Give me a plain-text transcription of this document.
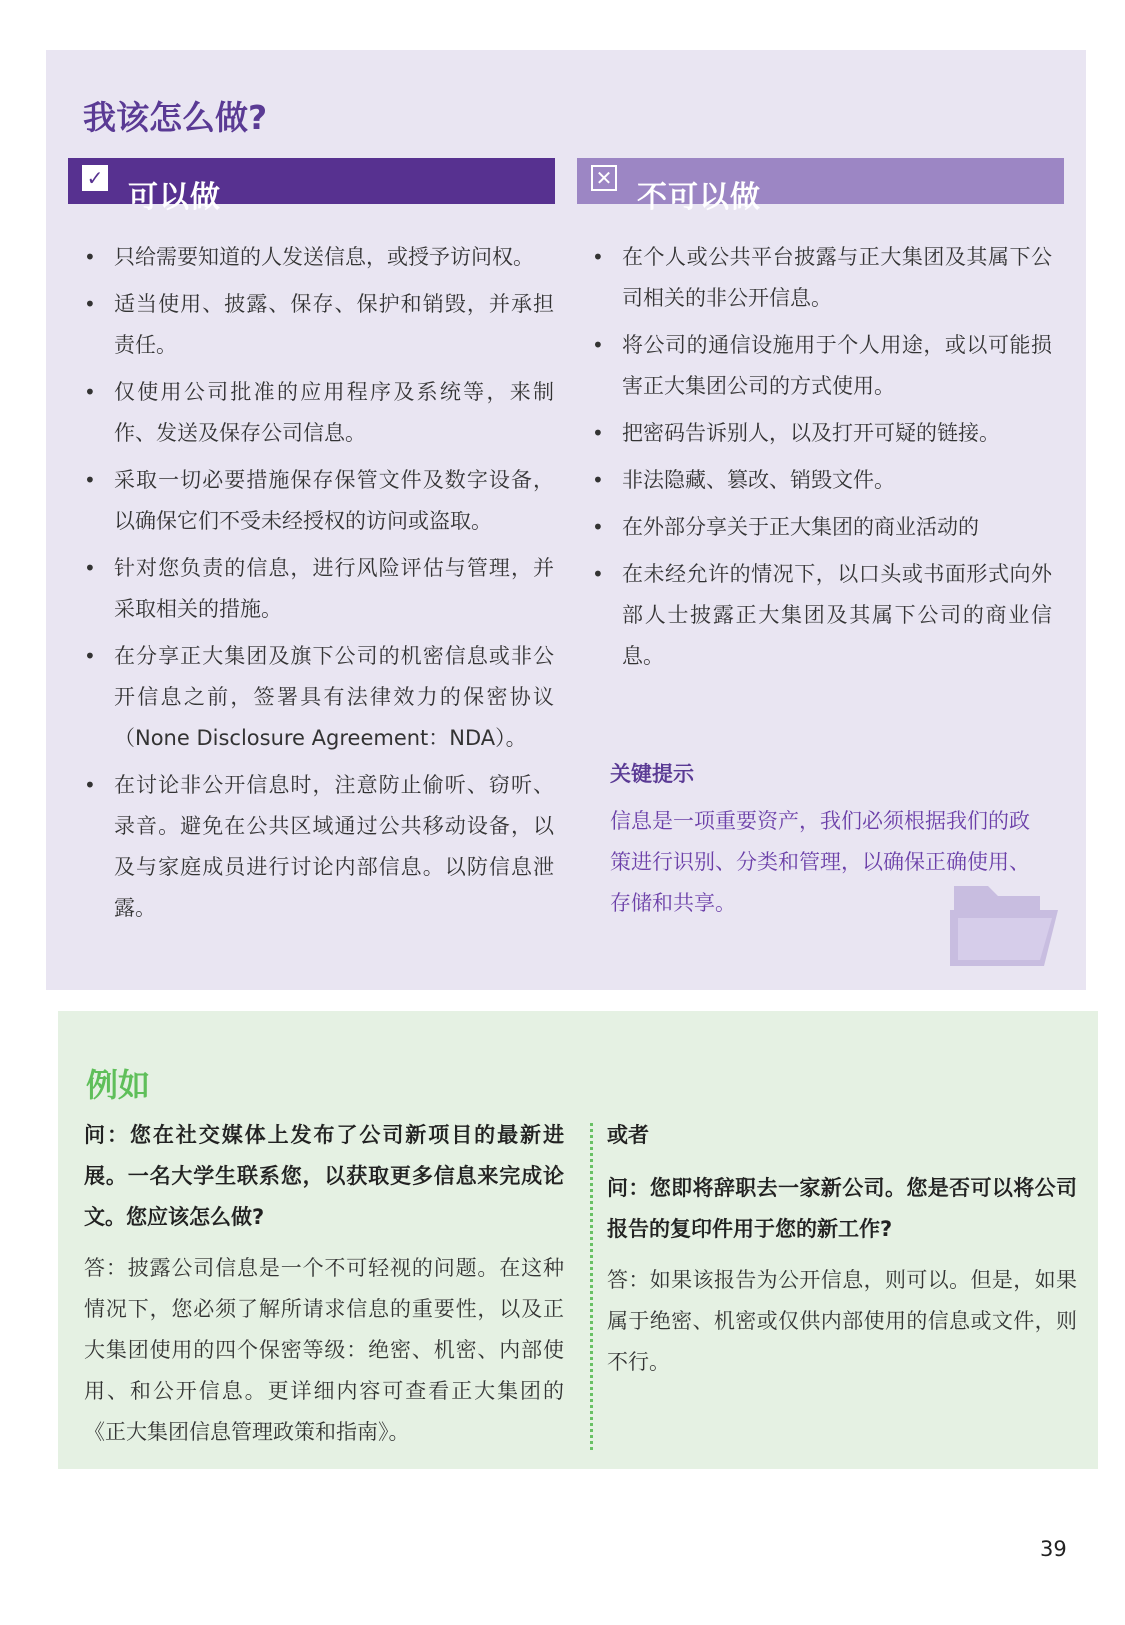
我该怎么做?
✓
可以做
✕
不可以做
• 只给需要知道的人发送信息，或授予访问权。
• 适当使用、披露、保存、保护和销毁，并承担责任。
• 仅使用公司批准的应用程序及系统等，来制作、发送及保存公司信息。
• 采取一切必要措施保存保管文件及数字设备，以确保它们不受未经授权的访问或盗取。
• 针对您负责的信息，进行风险评估与管理，并采取相关的措施。
• 在分享正大集团及旗下公司的机密信息或非公开信息之前，签署具有法律效力的保密协议（None Disclosure Agreement：NDA）。
• 在讨论非公开信息时，注意防止偷听、窃听、录音。避免在公共区域通过公共移动设备，以及与家庭成员进行讨论内部信息。以防信息泄露。
• 在个人或公共平台披露与正大集团及其属下公司相关的非公开信息。
• 将公司的通信设施用于个人用途，或以可能损害正大集团公司的方式使用。
• 把密码告诉别人，以及打开可疑的链接。
• 非法隐藏、篡改、销毁文件。
• 在外部分享关于正大集团的商业活动的
• 在未经允许的情况下，以口头或书面形式向外部人士披露正大集团及其属下公司的商业信息。
关键提示
信息是一项重要资产，我们必须根据我们的政策进行识别、分类和管理，以确保正确使用、存储和共享。
例如
问：您在社交媒体上发布了公司新项目的最新进展。一名大学生联系您，以获取更多信息来完成论文。您应该怎么做?
答：披露公司信息是一个不可轻视的问题。在这种情况下，您必须了解所请求信息的重要性，以及正大集团使用的四个保密等级：绝密、机密、内部使用、和公开信息。更详细内容可查看正大集团的《正大集团信息管理政策和指南》。
或者
问：您即将辞职去一家新公司。您是否可以将公司报告的复印件用于您的新工作?
答：如果该报告为公开信息，则可以。但是，如果属于绝密、机密或仅供内部使用的信息或文件，则不行。
39
